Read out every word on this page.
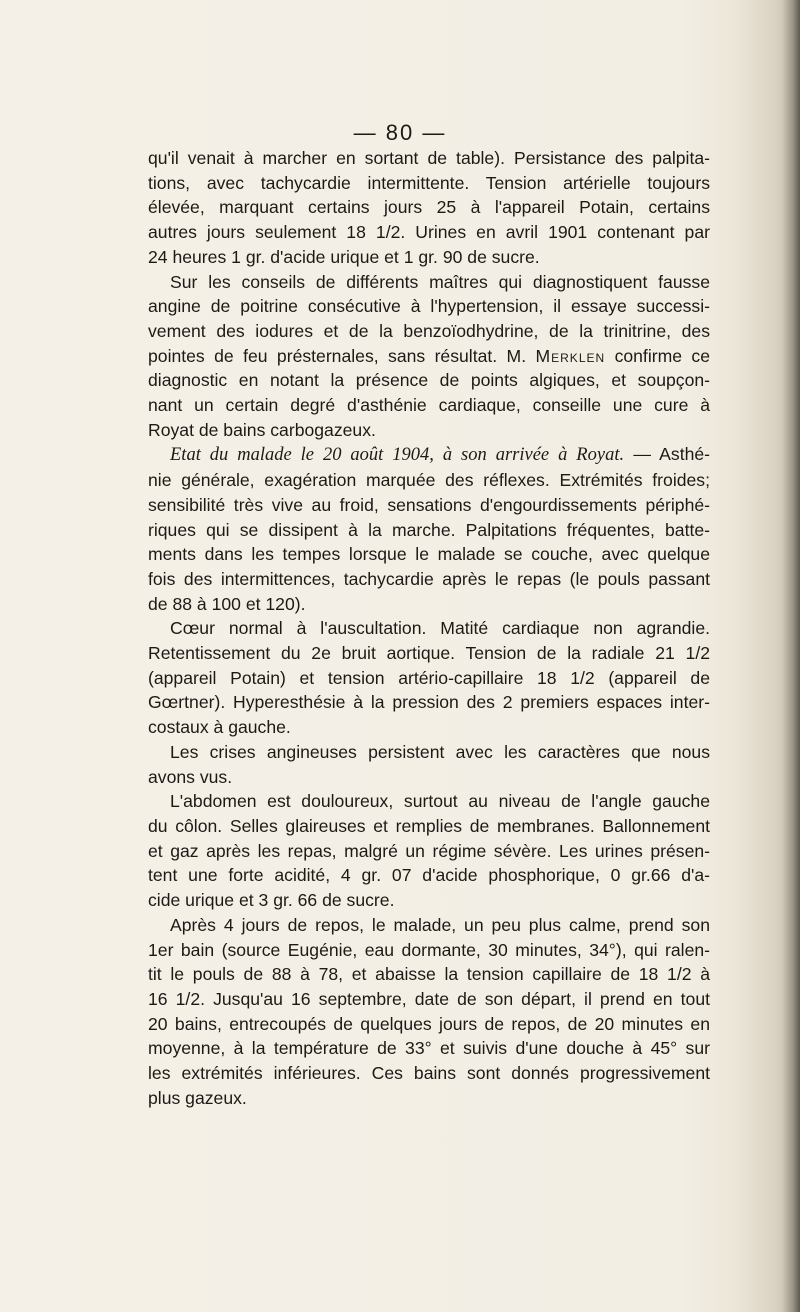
— 80 —
qu'il venait à marcher en sortant de table). Persistance des palpita-
tions, avec tachycardie intermittente. Tension artérielle toujours
élevée, marquant certains jours 25 à l'appareil Potain, certains
autres jours seulement 18 1/2. Urines en avril 1901 contenant par
24 heures 1 gr. d'acide urique et 1 gr. 90 de sucre.
Sur les conseils de différents maîtres qui diagnostiquent fausse
angine de poitrine consécutive à l'hypertension, il essaye successi-
vement des iodures et de la benzoïodhydrine, de la trinitrine, des
pointes de feu présternales, sans résultat. M. Merklen confirme ce
diagnostic en notant la présence de points algiques, et soupçon-
nant un certain degré d'asthénie cardiaque, conseille une cure à
Royat de bains carbogazeux.
Etat du malade le 20 août 1904, à son arrivée à Royat. — Asthé-
nie générale, exagération marquée des réflexes. Extrémités froides;
sensibilité très vive au froid, sensations d'engourdissements périphé-
riques qui se dissipent à la marche. Palpitations fréquentes, batte-
ments dans les tempes lorsque le malade se couche, avec quelque
fois des intermittences, tachycardie après le repas (le pouls passant
de 88 à 100 et 120).
Cœur normal à l'auscultation. Matité cardiaque non agrandie.
Retentissement du 2e bruit aortique. Tension de la radiale 21 1/2
(appareil Potain) et tension artério-capillaire 18 1/2 (appareil de
Gœrtner). Hyperesthésie à la pression des 2 premiers espaces inter-
costaux à gauche.
Les crises angineuses persistent avec les caractères que nous
avons vus.
L'abdomen est douloureux, surtout au niveau de l'angle gauche
du côlon. Selles glaireuses et remplies de membranes. Ballonnement
et gaz après les repas, malgré un régime sévère. Les urines présen-
tent une forte acidité, 4 gr. 07 d'acide phosphorique, 0 gr.66 d'a-
cide urique et 3 gr. 66 de sucre.
Après 4 jours de repos, le malade, un peu plus calme, prend son
1er bain (source Eugénie, eau dormante, 30 minutes, 34°), qui ralen-
tit le pouls de 88 à 78, et abaisse la tension capillaire de 18 1/2 à
16 1/2. Jusqu'au 16 septembre, date de son départ, il prend en tout
20 bains, entrecoupés de quelques jours de repos, de 20 minutes en
moyenne, à la température de 33° et suivis d'une douche à 45° sur
les extrémités inférieures. Ces bains sont donnés progressivement
plus gazeux.
